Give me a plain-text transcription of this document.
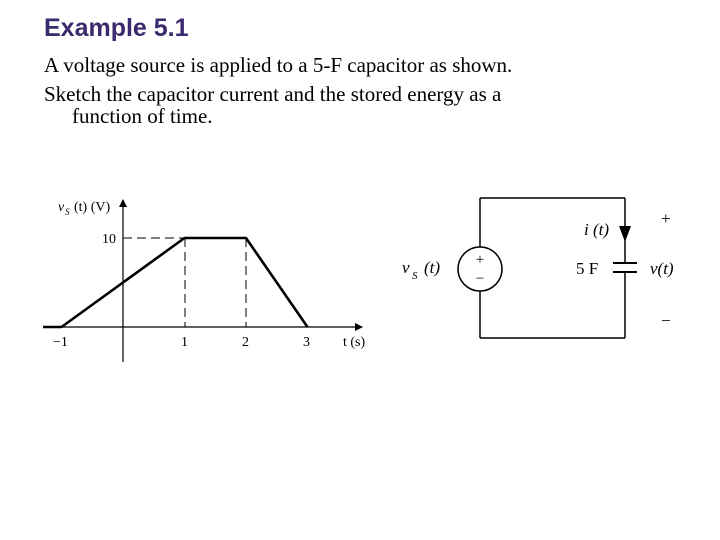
Example 5.1

A voltage source is applied to a 5-F capacitor as shown.

Sketch the capacitor current and the stored energy as a

function of time.

v S (t) (V)
10
−1	1	2	3 t (s)
+
−
v S (t)
i (t)
5 F	v(t)
+
−
